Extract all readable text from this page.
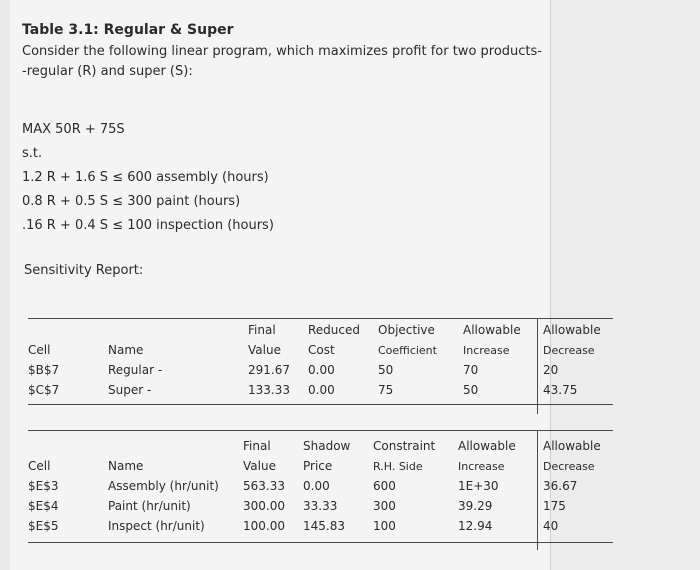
Table 3.1: Regular & Super
Consider the following linear program, which maximizes profit for two products--regular (R) and super (S):
MAX 50R + 75S
s.t.
1.2 R + 1.6 S ≤ 600 assembly (hours)
0.8 R + 0.5 S ≤ 300 paint (hours)
.16 R + 0.4 S ≤ 100 inspection (hours)
Sensitivity Report:
		Final	Reduced	Objective	Allowable	Allowable
Cell	Name	Value	Cost	Coefficient	Increase	Decrease
$B$7	Regular -	291.67	0.00	50	70	20
$C$7	Super -	133.33	0.00	75	50	43.75
		Final	Shadow	Constraint	Allowable	Allowable
Cell	Name	Value	Price	R.H. Side	Increase	Decrease
$E$3	Assembly (hr/unit)	563.33	0.00	600	1E+30	36.67
$E$4	Paint (hr/unit)	300.00	33.33	300	39.29	175
$E$5	Inspect (hr/unit)	100.00	145.83	100	12.94	40
